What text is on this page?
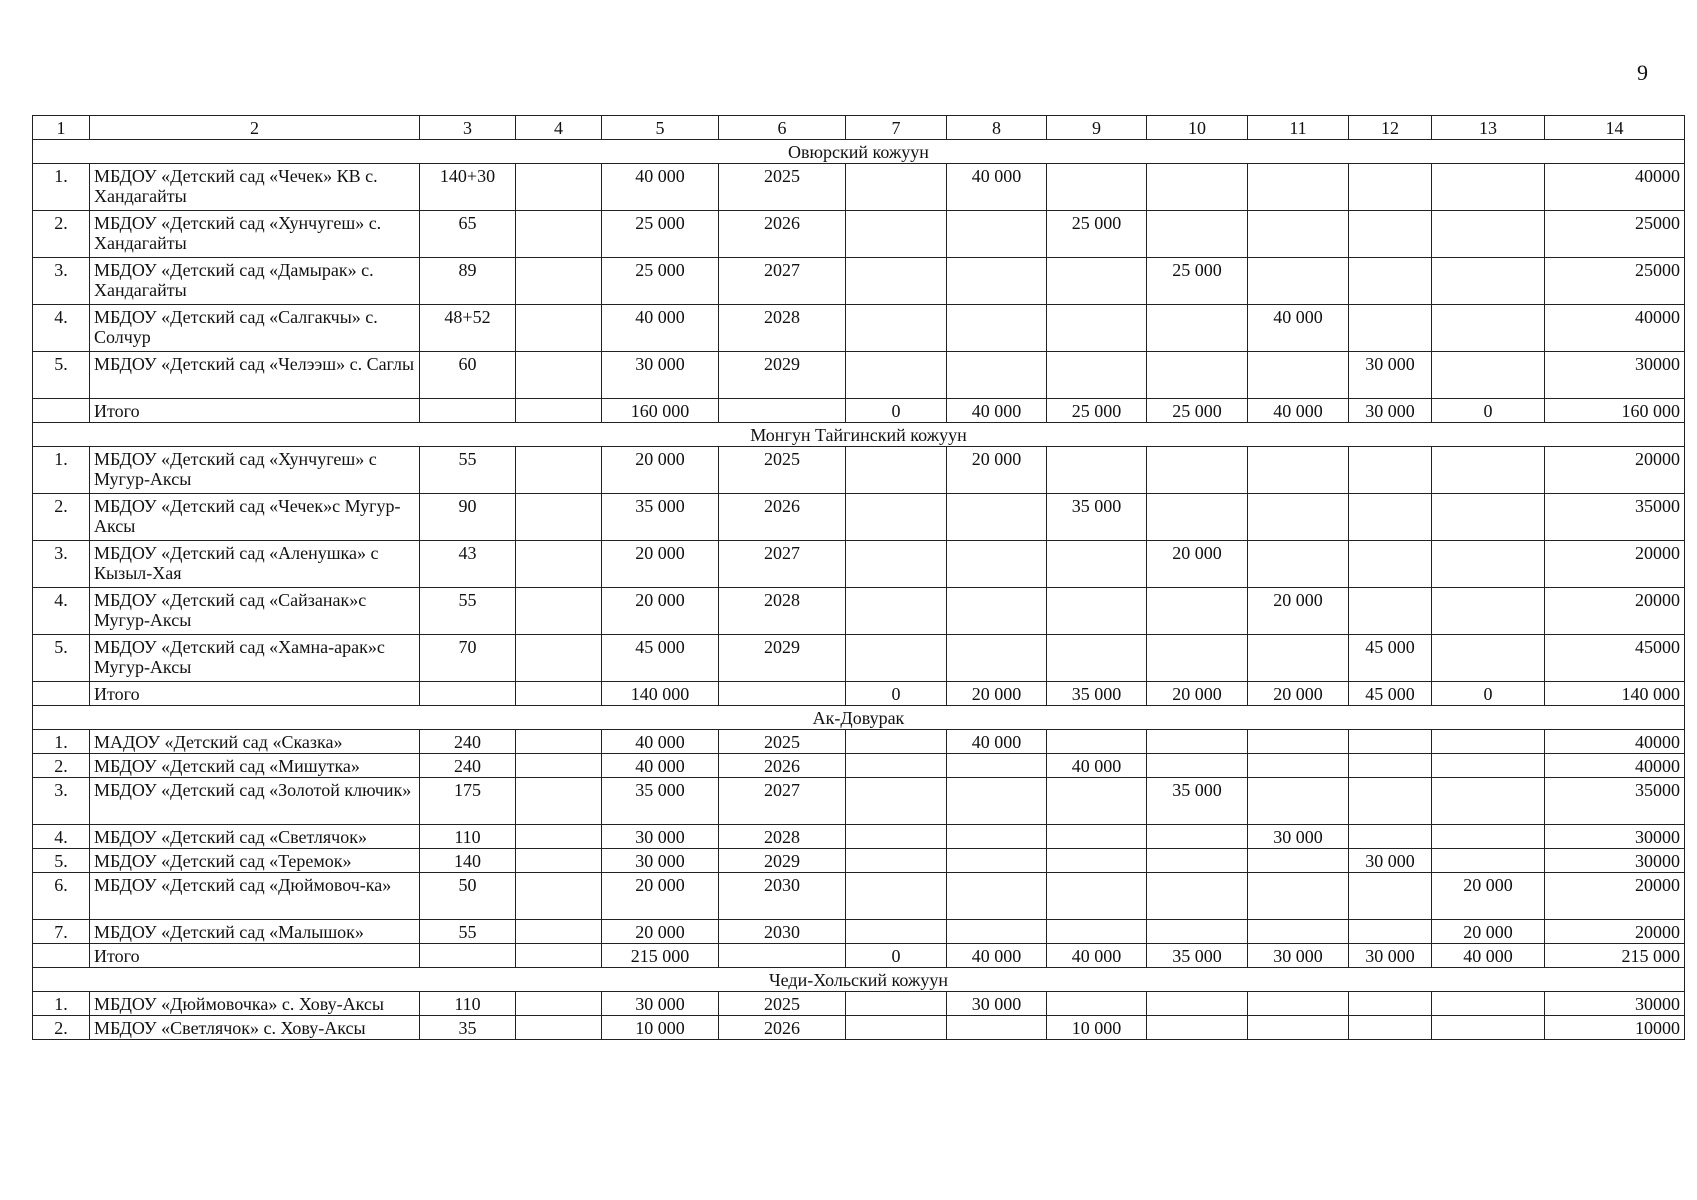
9
1	2	3	4	5	6	7	8	9	10	11	12	13	14
Овюрский кожуун													
1.	МБДОУ «Детский сад «Чечек» КВ с. Хандагайты	140+30		40 000	2025		40 000						40000
2.	МБДОУ «Детский сад «Хунчугеш» с. Хандагайты	65		25 000	2026			25 000					25000
3.	МБДОУ «Детский сад «Дамырак» с. Хандагайты	89		25 000	2027				25 000				25000
4.	МБДОУ «Детский сад «Салгакчы» с. Солчур	48+52		40 000	2028					40 000			40000
5.	МБДОУ «Детский сад «Челээш» с. Саглы	60		30 000	2029						30 000		30000
	Итого			160 000		0	40 000	25 000	25 000	40 000	30 000	0	160 000
Монгун Тайгинский кожуун													
1.	МБДОУ «Детский сад «Хунчугеш» с Мугур-Аксы	55		20 000	2025		20 000						20000
2.	МБДОУ «Детский сад «Чечек»с Мугур-Аксы	90		35 000	2026			35 000					35000
3.	МБДОУ «Детский сад «Аленушка» с Кызыл-Хая	43		20 000	2027				20 000				20000
4.	МБДОУ «Детский сад «Сайзанак»с Мугур-Аксы	55		20 000	2028					20 000			20000
5.	МБДОУ «Детский сад «Хамна-арак»с Мугур-Аксы	70		45 000	2029						45 000		45000
	Итого			140 000		0	20 000	35 000	20 000	20 000	45 000	0	140 000
Ак-Довурак													
1.	МАДОУ «Детский сад «Сказка»	240		40 000	2025		40 000						40000
2.	МБДОУ «Детский сад «Мишутка»	240		40 000	2026			40 000					40000
3.	МБДОУ «Детский сад «Золотой ключик»	175		35 000	2027				35 000				35000
4.	МБДОУ «Детский сад «Светлячок»	110		30 000	2028					30 000			30000
5.	МБДОУ «Детский сад «Теремок»	140		30 000	2029						30 000		30000
6.	МБДОУ «Детский сад «Дюймовоч-ка»	50		20 000	2030							20 000	20000
7.	МБДОУ «Детский сад «Малышок»	55		20 000	2030							20 000	20000
	Итого			215 000		0	40 000	40 000	35 000	30 000	30 000	40 000	215 000
Чеди-Хольский кожуун													
1.	МБДОУ «Дюймовочка» с. Хову-Аксы	110		30 000	2025		30 000						30000
2.	МБДОУ «Светлячок» с. Хову-Аксы	35		10 000	2026			10 000					10000
